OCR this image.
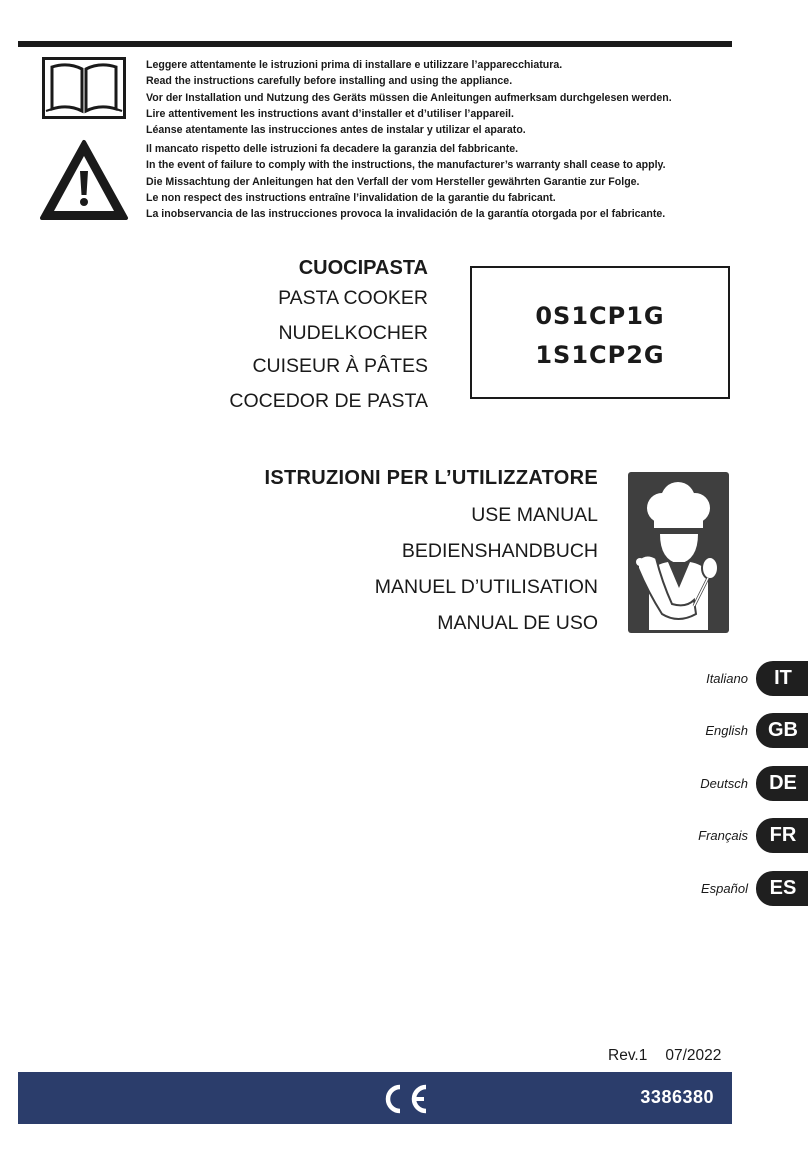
Leggere attentamente le istruzioni prima di installare e utilizzare l’apparecchiatura.
Read the instructions carefully before installing and using the appliance.
Vor der Installation und Nutzung des Geräts müssen die Anleitungen aufmerksam durchgelesen werden.
Lire attentivement les instructions avant d’installer et d’utiliser l’appareil.
Léanse atentamente las instrucciones antes de instalar y utilizar el aparato.
Il mancato rispetto delle istruzioni fa decadere la garanzia del fabbricante.
In the event of failure to comply with the instructions, the manufacturer’s warranty shall cease to apply.
Die Missachtung der Anleitungen hat den Verfall der vom Hersteller gewährten Garantie zur Folge.
Le non respect des instructions entraîne l’invalidation de la garantie du fabricant.
La inobservancia de las instrucciones provoca la invalidación de la garantía otorgada por el fabricante.
CUOCIPASTA
PASTA COOKER
NUDELKOCHER
CUISEUR À PÂTES
COCEDOR DE PASTA
0S1CP1G
1S1CP2G
ISTRUZIONI PER L’UTILIZZATORE
USE MANUAL
BEDIENSHANDBUCH
MANUEL D’UTILISATION
MANUAL DE USO
Italiano	IT
English	GB
Deutsch	DE
Français	FR
Español	ES
Rev.1 07/2022
3386380
